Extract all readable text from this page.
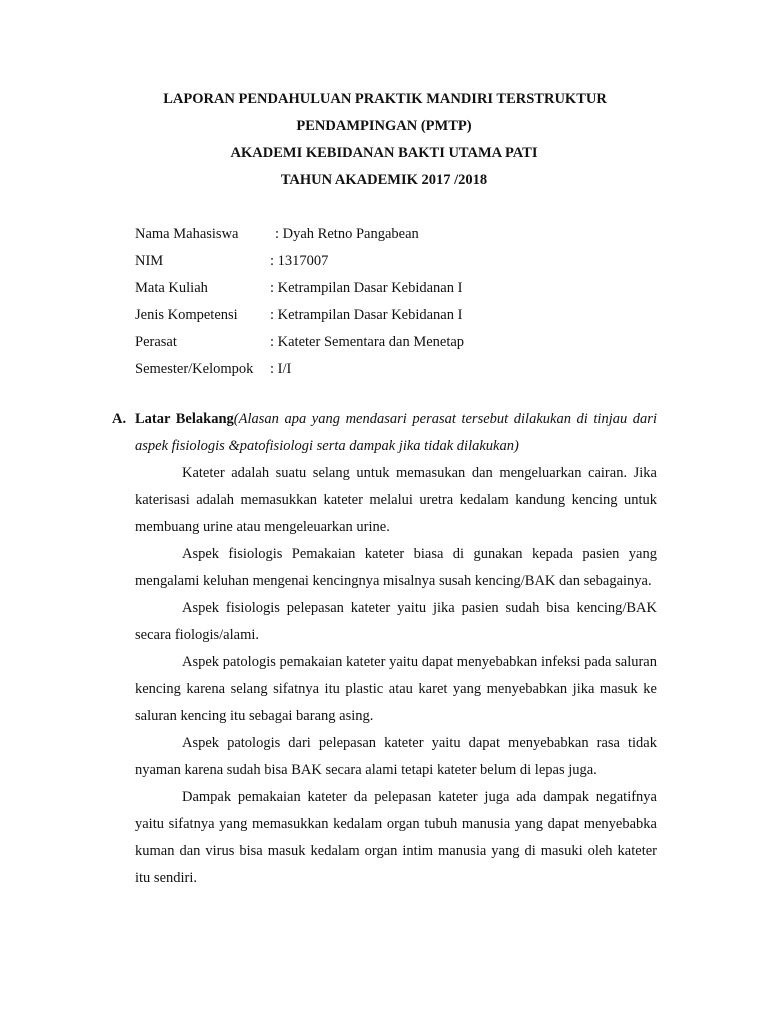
LAPORAN PENDAHULUAN PRAKTIK MANDIRI TERSTRUKTUR
PENDAMPINGAN (PMTP)
AKADEMI KEBIDANAN BAKTI UTAMA PATI
TAHUN AKADEMIK 2017 /2018
Nama Mahasiswa	: Dyah Retno Pangabean
NIM	: 1317007
Mata Kuliah	: Ketrampilan Dasar Kebidanan I
Jenis Kompetensi : Ketrampilan Dasar Kebidanan I
Perasat	: Kateter Sementara dan Menetap
Semester/Kelompok : I/I
A. Latar Belakang(Alasan apa yang mendasari perasat tersebut dilakukan di tinjau dari aspek fisiologis &patofisiologi serta dampak jika tidak dilakukan)

Kateter adalah suatu selang untuk memasukan dan mengeluarkan cairan. Jika katerisasi adalah memasukkan kateter melalui uretra kedalam kandung kencing untuk membuang urine atau mengeleuarkan urine.

Aspek fisiologis Pemakaian kateter biasa di gunakan kepada pasien yang mengalami keluhan mengenai kencingnya misalnya susah kencing/BAK dan sebagainya.

Aspek fisiologis pelepasan kateter yaitu jika pasien sudah bisa kencing/BAK secara fiologis/alami.

Aspek patologis pemakaian kateter yaitu dapat menyebabkan infeksi pada saluran kencing karena selang sifatnya itu plastic atau karet yang menyebabkan jika masuk ke saluran kencing itu sebagai barang asing.

Aspek patologis dari pelepasan kateter yaitu dapat menyebabkan rasa tidak nyaman karena sudah bisa BAK secara alami tetapi kateter belum di lepas juga.

Dampak pemakaian kateter da pelepasan kateter juga ada dampak negatifnya yaitu sifatnya yang memasukkan kedalam organ tubuh manusia yang dapat menyebabka kuman dan virus bisa masuk kedalam organ intim manusia yang di masuki oleh kateter itu sendiri.
